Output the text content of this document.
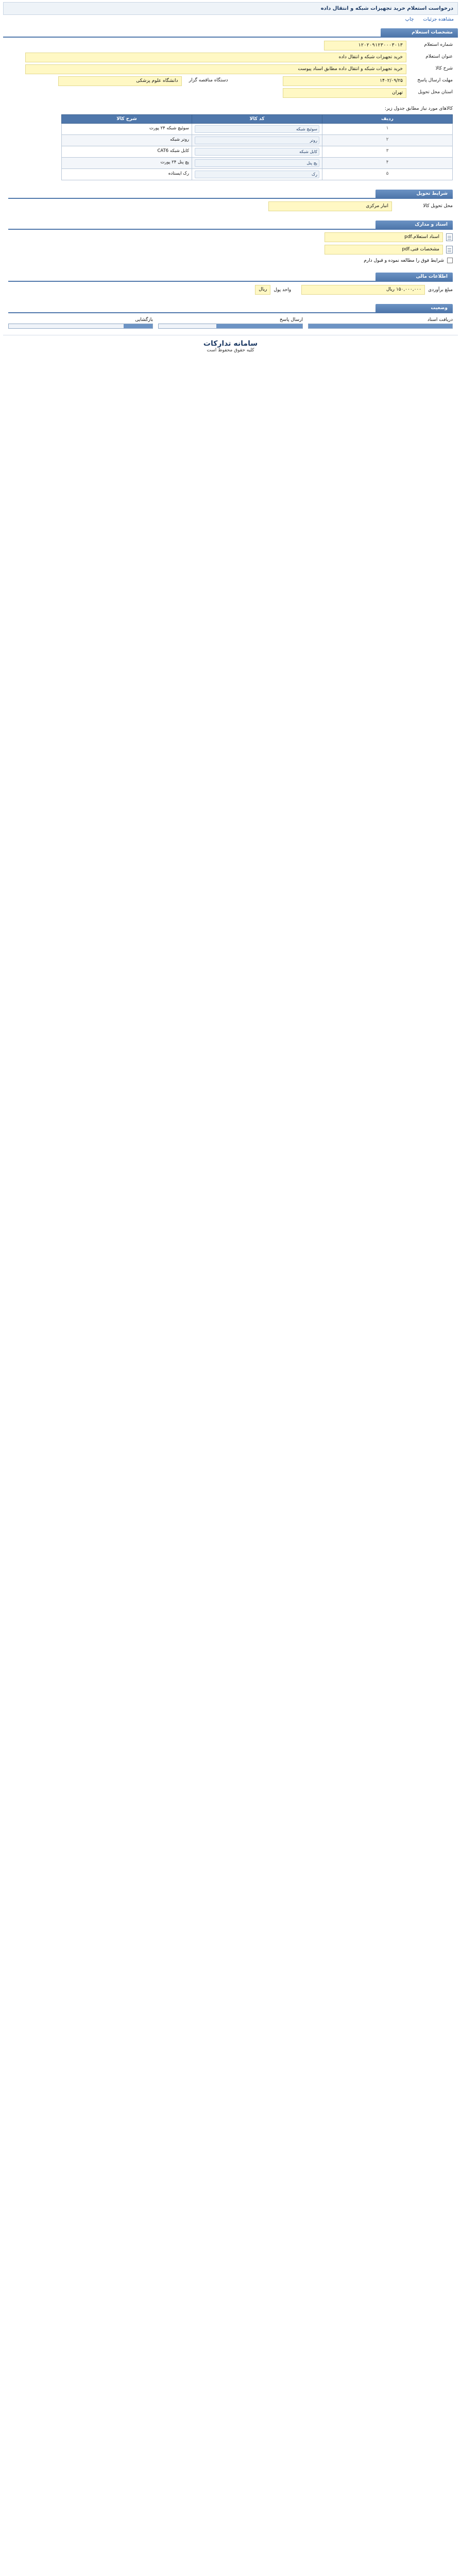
درخواست استعلام خرید تجهیزات شبکه و انتقال داده
مشاهده جزئیات
چاپ
مشخصات استعلام
شماره استعلام
۱۲۰۲۰۹۱۲۳۰۰۰۳۰۱۳
عنوان استعلام
خرید تجهیزات شبکه و انتقال داده
شرح کالا
خرید تجهیزات شبکه و انتقال داده مطابق اسناد پیوست
مهلت ارسال پاسخ
۱۴۰۲/۰۹/۲۵
دستگاه مناقصه گزار
دانشگاه علوم پزشکی
استان محل تحویل
تهران
کالاهای مورد نیاز مطابق جدول زیر:
ردیف	کد کالا	شرح کالا
۱	سوئیچ شبکه	سوئیچ شبکه ۲۴ پورت
۲	روتر	روتر شبکه
۳	کابل شبکه	کابل شبکه CAT6
۴	پچ پنل	پچ پنل ۲۴ پورت
۵	رک	رک ایستاده
شرایط تحویل
محل تحویل کالا
انبار مرکزی
اسناد و مدارک
اسناد استعلام.pdf
مشخصات فنی.pdf
شرایط فوق را مطالعه نموده و قبول دارم
اطلاعات مالی
مبلغ برآوردی
۱۵۰,۰۰۰,۰۰۰ ریال
واحد پول
ریال
وضعیت
دریافت اسناد
ارسال پاسخ
بازگشایی
سامانه تدارکات
کلیه حقوق محفوظ است
